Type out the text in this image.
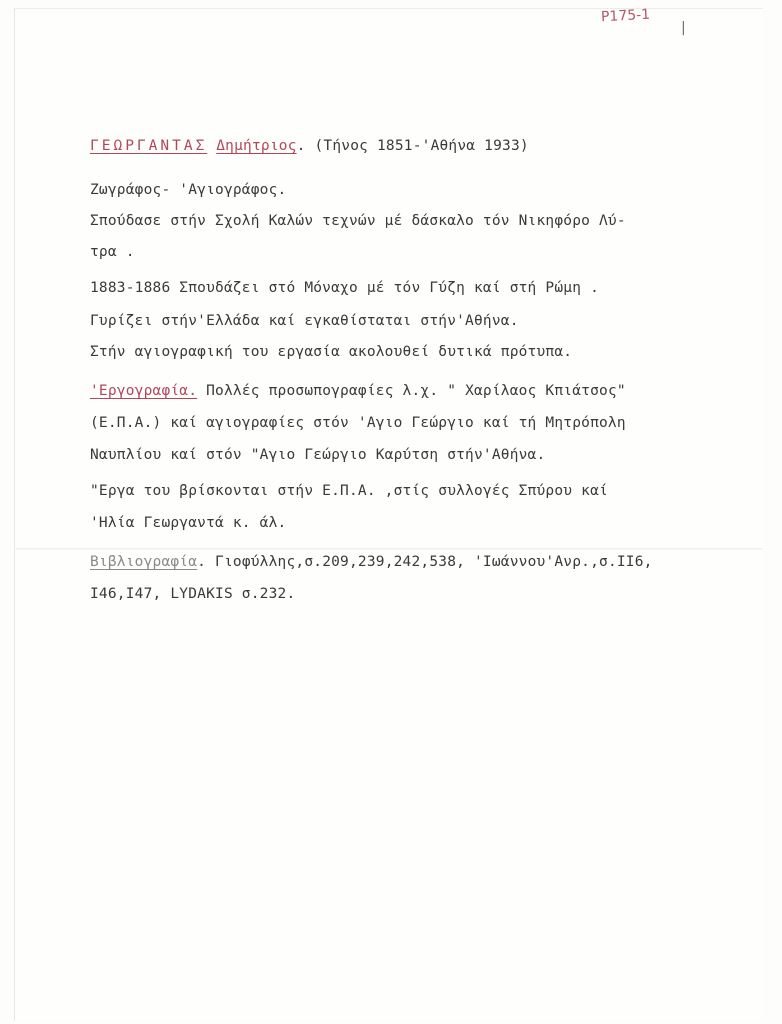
P175-1
|
ΓΕΩΡΓΑΝΤΑΣ Δημήτριος. (Τήνος 1851-'Αθήνα 1933)
Ζωγράφος- 'Αγιογράφος.
Σπούδασε στήν Σχολή Καλών τεχνών μέ δάσκαλο τόν Νικηφόρο Λύ-
τρα .
1883-1886 Σπουδάζει στό Μόναχο μέ τόν Γύζη καί στή Ρώμη .
Γυρίζει στήν'Ελλάδα καί εγκαθίσταται στήν'Αθήνα.
Στήν αγιογραφική του εργασία ακολουθεί δυτικά πρότυπα.
'Εργογραφία. Πολλές προσωπογραφίες λ.χ. " Χαρίλαος Κπιάτσος"
(Ε.Π.Α.) καί αγιογραφίες στόν 'Αγιο Γεώργιο καί τή Μητρόπολη
Ναυπλίου καί στόν "Αγιο Γεώργιο Καρύτση στήν'Αθήνα.
"Εργα του βρίσκονται στήν Ε.Π.Α. ,στίς συλλογές Σπύρου καί
'Ηλία Γεωργαντά κ. άλ.
Βιβλιογραφία. Γιοφύλλης,σ.209,239,242,538, 'Ιωάννου'Ανρ.,σ.II6,
I46,I47, LYDAKIS σ.232.
